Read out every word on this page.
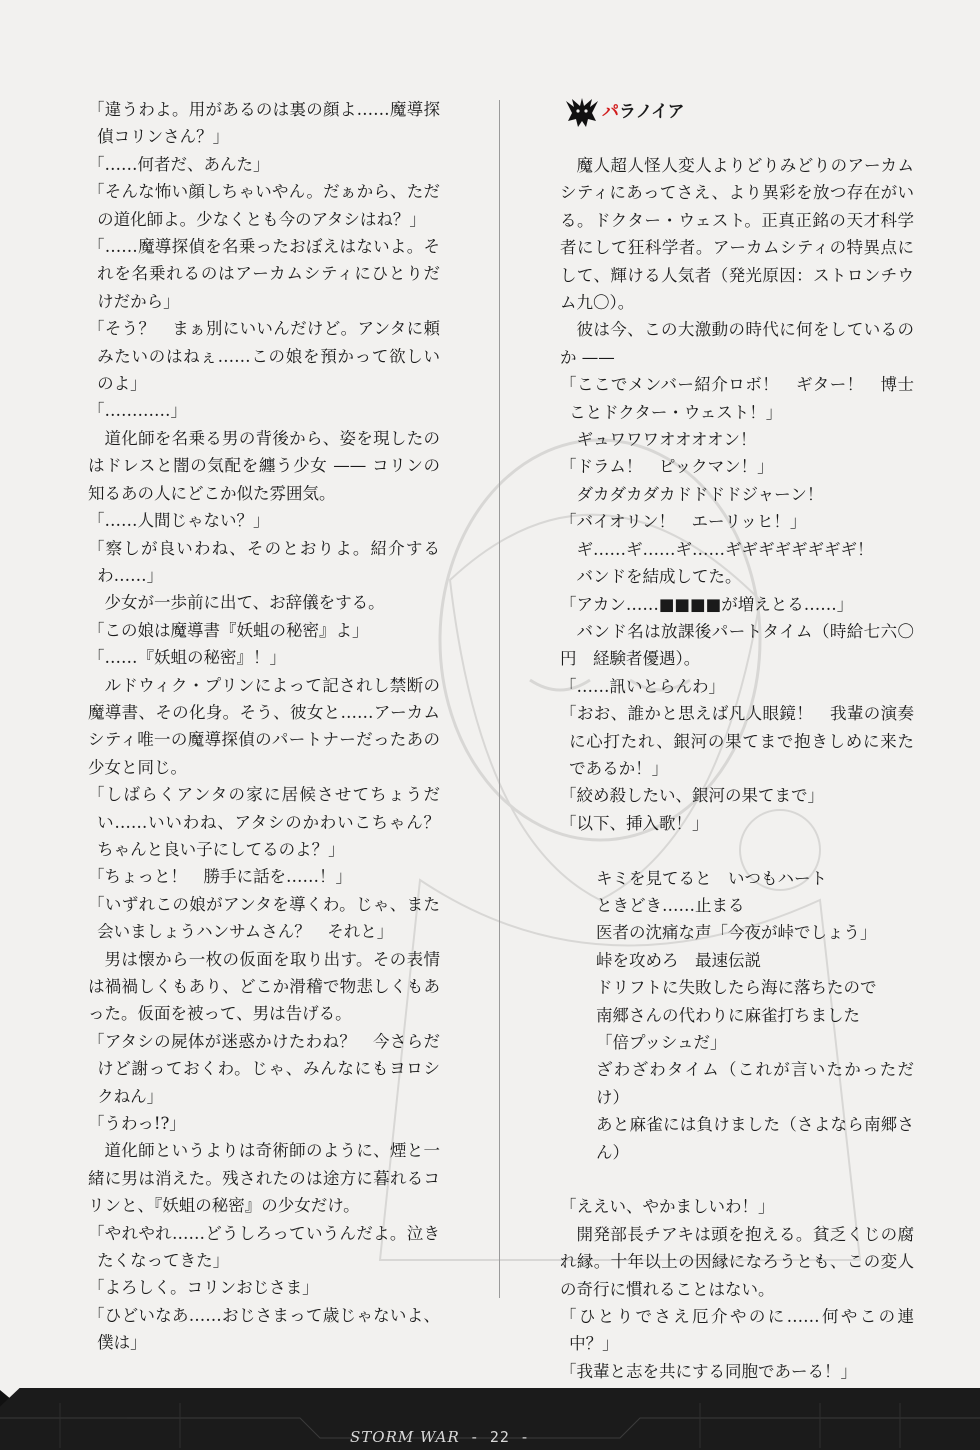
「違うわよ。用があるのは裏の顔よ……魔導探偵コリンさん？」

「……何者だ、あんた」

「そんな怖い顔しちゃいやん。だぁから、ただの道化師よ。少なくとも今のアタシはね？」

「……魔導探偵を名乗ったおぼえはないよ。それを名乗れるのはアーカムシティにひとりだけだから」

「そう？　まぁ別にいいんだけど。アンタに頼みたいのはねぇ……この娘を預かって欲しいのよ」

「…………」

道化師を名乗る男の背後から、姿を現したのはドレスと闇の気配を纏う少女 —— コリンの知るあの人にどこか似た雰囲気。

「……人間じゃない？」

「察しが良いわね、そのとおりよ。紹介するわ……」

少女が一歩前に出て、お辞儀をする。

「この娘は魔導書『妖蛆の秘密』よ」

「……『妖蛆の秘密』！」

ルドウィク・プリンによって記されし禁断の魔導書、その化身。そう、彼女と……アーカムシティ唯一の魔導探偵のパートナーだったあの少女と同じ。

「しばらくアンタの家に居候させてちょうだい……いいわね、アタシのかわいこちゃん？　ちゃんと良い子にしてるのよ？」

「ちょっと！　勝手に話を……！」

「いずれこの娘がアンタを導くわ。じゃ、また会いましょうハンサムさん？　それと」

男は懐から一枚の仮面を取り出す。その表情は禍禍しくもあり、どこか滑稽で物悲しくもあった。仮面を被って、男は告げる。

「アタシの屍体が迷惑かけたわね？　今さらだけど謝っておくわ。じゃ、みんなにもヨロシクねん」

「うわっ!?」

道化師というよりは奇術師のように、煙と一緒に男は消えた。残されたのは途方に暮れるコリンと、『妖蛆の秘密』の少女だけ。

「やれやれ……どうしろっていうんだよ。泣きたくなってきた」

「よろしく。コリンおじさま」

「ひどいなあ……おじさまって歳じゃないよ、僕は」

パラノイア

魔人超人怪人変人よりどりみどりのアーカムシティにあってさえ、より異彩を放つ存在がいる。ドクター・ウェスト。正真正銘の天才科学者にして狂科学者。アーカムシティの特異点にして、輝ける人気者（発光原因：ストロンチウム九〇）。

彼は今、この大激動の時代に何をしているのか ——

「ここでメンバー紹介ロボ！　ギター！　博士ことドクター・ウェスト！」

ギュワワワオオオオン！

「ドラム！　ピックマン！」

ダカダカダカドドドドジャーン！

「バイオリン！　エーリッヒ！」

ギ……ギ……ギ……ギギギギギギギギ！

バンドを結成してた。

「アカン……■■■■が増えとる……」

バンド名は放課後パートタイム（時給七六〇円　経験者優遇）。

「……訊いとらんわ」

「おお、誰かと思えば凡人眼鏡！　我輩の演奏に心打たれ、銀河の果てまで抱きしめに来たであるか！」

「絞め殺したい、銀河の果てまで」

「以下、挿入歌！」

キミを見てると　いつもハート

ときどき……止まる

医者の沈痛な声「今夜が峠でしょう」

峠を攻めろ　最速伝説

ドリフトに失敗したら海に落ちたので

南郷さんの代わりに麻雀打ちました

「倍プッシュだ」

ざわざわタイム（これが言いたかっただけ）

あと麻雀には負けました（さよなら南郷さん）

「ええい、やかましいわ！」

開発部長チアキは頭を抱える。貧乏くじの腐れ縁。十年以上の因縁になろうとも、この変人の奇行に慣れることはない。

「ひとりでさえ厄介やのに……何やこの連中？」

「我輩と志を共にする同胞であーる！」

STORM WAR - 22 -
